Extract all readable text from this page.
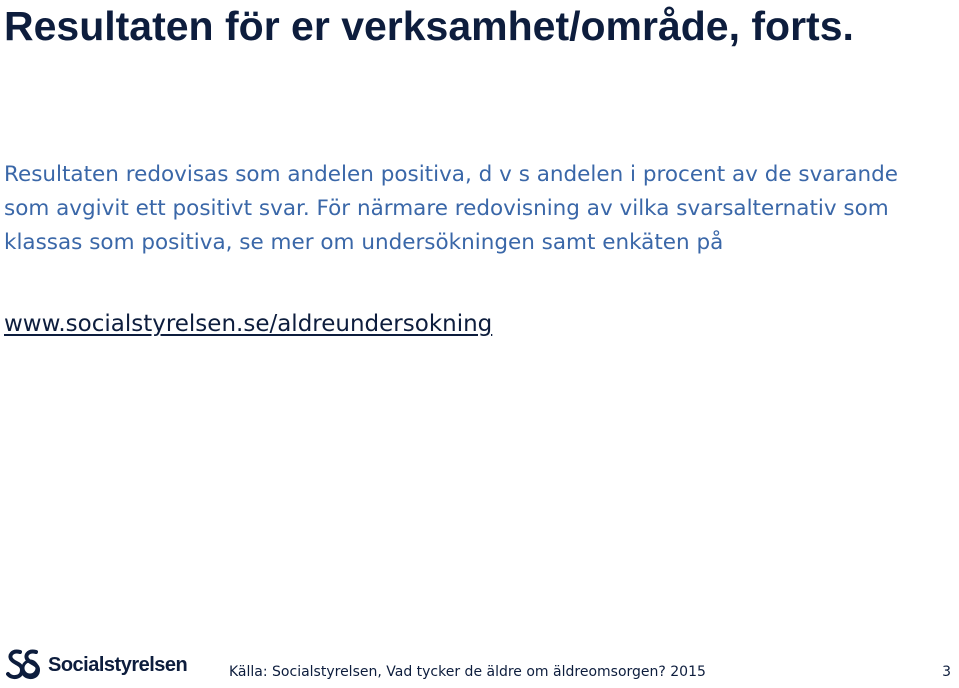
Resultaten för er verksamhet/område, forts.

Resultaten redovisas som andelen positiva, d v s andelen i procent av de svarande som avgivit ett positivt svar. För närmare redovisning av vilka svarsalternativ som klassas som positiva, se mer om undersökningen samt enkäten på

www.socialstyrelsen.se/aldreundersokning
Socialstyrelsen	Källa: Socialstyrelsen, Vad tycker de äldre om äldreomsorgen? 2015	3
